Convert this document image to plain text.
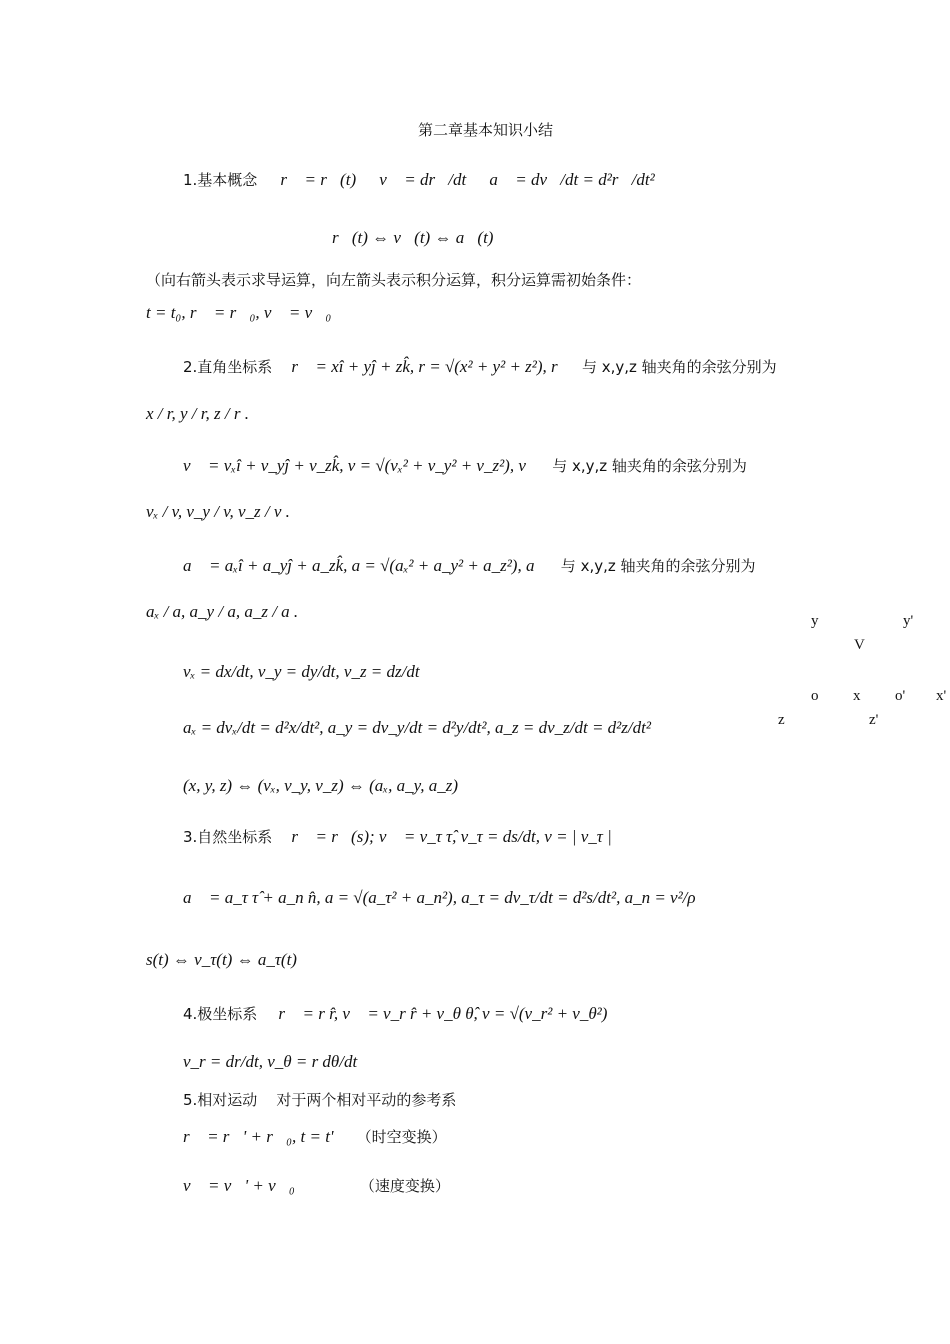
第二章基本知识小结
1.基本概念 r⃗ = r⃗(t) v⃗ = dr⃗/dt a⃗ = dv⃗/dt = d²r⃗/dt²
r⃗(t) ⇔ v⃗(t) ⇔ a⃗(t)
（向右箭头表示求导运算，向左箭头表示积分运算，积分运算需初始条件：
t = t₀, r⃗ = r⃗₀, v⃗ = v⃗₀ ）
2.直角坐标系 r⃗ = xî + yĵ + zk̂, r = √(x² + y² + z²), r⃗ 与 x,y,z 轴夹角的余弦分别为
x / r, y / r, z / r .
v⃗ = vₓî + v_yĵ + v_zk̂, v = √(vₓ² + v_y² + v_z²), v⃗ 与 x,y,z 轴夹角的余弦分别为
vₓ / v, v_y / v, v_z / v .
a⃗ = aₓî + a_yĵ + a_zk̂, a = √(aₓ² + a_y² + a_z²), a⃗ 与 x,y,z 轴夹角的余弦分别为
aₓ / a, a_y / a, a_z / a .
vₓ = dx/dt, v_y = dy/dt, v_z = dz/dt
aₓ = dvₓ/dt = d²x/dt², a_y = dv_y/dt = d²y/dt², a_z = dv_z/dt = d²z/dt²
(x, y, z) ⇔ (vₓ, v_y, v_z) ⇔ (aₓ, a_y, a_z)
3.自然坐标系 r⃗ = r⃗(s); v⃗ = v_τ τ̂, v_τ = ds/dt, v = | v_τ |
a⃗ = a_τ τ̂ + a_n n̂, a = √(a_τ² + a_n²), a_τ = dv_τ/dt = d²s/dt², a_n = v²/ρ
s(t) ⇔ v_τ(t) ⇔ a_τ(t)
4.极坐标系 r⃗ = r r̂, v⃗ = v_r r̂ + v_θ θ̂, v = √(v_r² + v_θ²)
v_r = dr/dt, v_θ = r dθ/dt
5.相对运动 对于两个相对平动的参考系
r⃗ = r⃗' + r⃗₀, t = t' （时空变换）
v⃗ = v⃗' + v⃗₀	（速度变换）
y	y'
V
o x o' x'
z	z'
